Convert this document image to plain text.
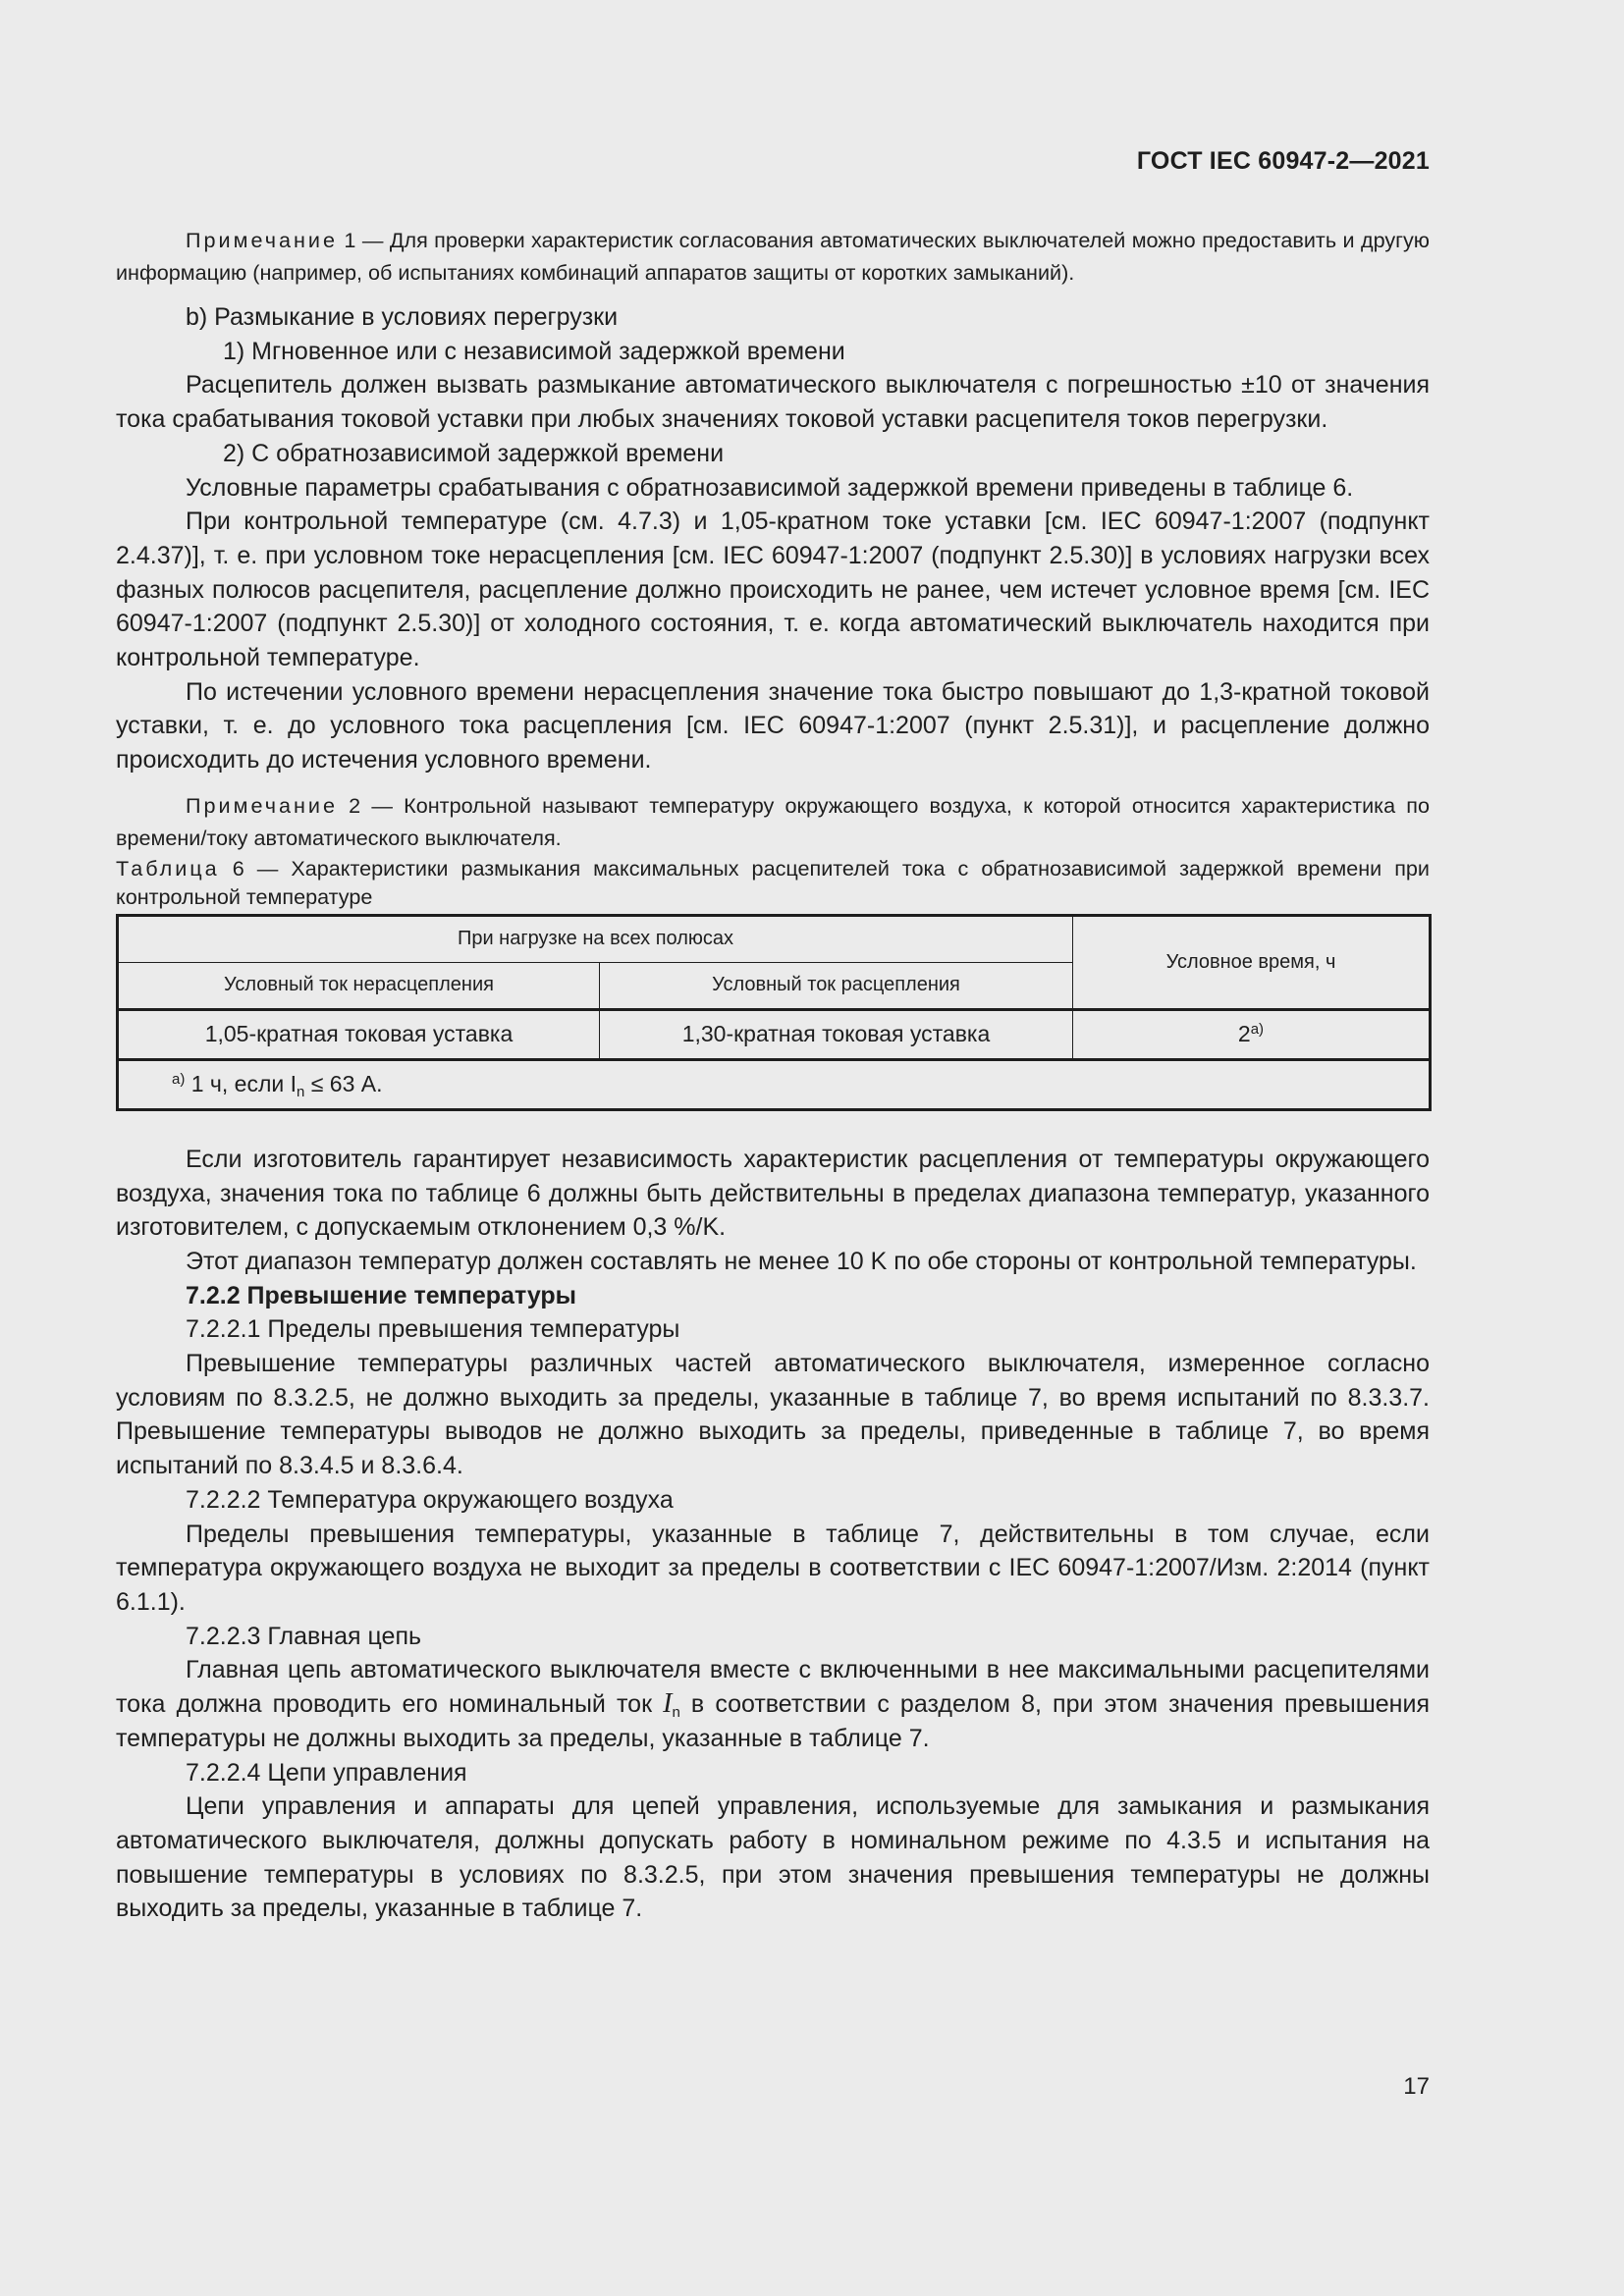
ГОСТ IEC 60947-2—2021

Примечание 1 — Для проверки характеристик согласования автоматических выключателей можно предоставить и другую информацию (например, об испытаниях комбинаций аппаратов защиты от коротких замыканий).

b) Размыкание в условиях перегрузки

1) Мгновенное или с независимой задержкой времени

Расцепитель должен вызвать размыкание автоматического выключателя с погрешностью ±10 от значения тока срабатывания токовой уставки при любых значениях токовой уставки расцепителя токов перегрузки.

2) С обратнозависимой задержкой времени

Условные параметры срабатывания с обратнозависимой задержкой времени приведены в таблице 6.

При контрольной температуре (см. 4.7.3) и 1,05-кратном токе уставки [см. IEC 60947-1:2007 (подпункт 2.4.37)], т. е. при условном токе нерасцепления [см. IEC 60947-1:2007 (подпункт 2.5.30)] в условиях нагрузки всех фазных полюсов расцепителя, расцепление должно происходить не ранее, чем истечет условное время [см. IEC 60947-1:2007 (подпункт 2.5.30)] от холодного состояния, т. е. когда автоматический выключатель находится при контрольной температуре.

По истечении условного времени нерасцепления значение тока быстро повышают до 1,3-кратной токовой уставки, т. е. до условного тока расцепления [см. IEC 60947-1:2007 (пункт 2.5.31)], и расцепление должно происходить до истечения условного времени.

Примечание 2 — Контрольной называют температуру окружающего воздуха, к которой относится характеристика по времени/току автоматического выключателя.

Таблица 6 — Характеристики размыкания максимальных расцепителей тока с обратнозависимой задержкой времени при контрольной температуре

При нагрузке на всех полюсах		Условное время, ч
Условный ток нерасцепления	Условный ток расцепления	
1,05-кратная токовая уставка	1,30-кратная токовая уставка	$2^{а)}$
$^{а)}$ 1 ч, если $I_n \le 63$ А.		

Если изготовитель гарантирует независимость характеристик расцепления от температуры окружающего воздуха, значения тока по таблице 6 должны быть действительны в пределах диапазона температур, указанного изготовителем, с допускаемым отклонением 0,3 %/K.

Этот диапазон температур должен составлять не менее 10 K по обе стороны от контрольной температуры.

7.2.2 Превышение температуры

7.2.2.1 Пределы превышения температуры

Превышение температуры различных частей автоматического выключателя, измеренное согласно условиям по 8.3.2.5, не должно выходить за пределы, указанные в таблице 7, во время испытаний по 8.3.3.7. Превышение температуры выводов не должно выходить за пределы, приведенные в таблице 7, во время испытаний по 8.3.4.5 и 8.3.6.4.

7.2.2.2 Температура окружающего воздуха

Пределы превышения температуры, указанные в таблице 7, действительны в том случае, если температура окружающего воздуха не выходит за пределы в соответствии с IEC 60947-1:2007/Изм. 2:2014 (пункт 6.1.1).

7.2.2.3 Главная цепь

Главная цепь автоматического выключателя вместе с включенными в нее максимальными расцепителями тока должна проводить его номинальный ток $I_n$ в соответствии с разделом 8, при этом значения превышения температуры не должны выходить за пределы, указанные в таблице 7.

7.2.2.4 Цепи управления

Цепи управления и аппараты для цепей управления, используемые для замыкания и размыкания автоматического выключателя, должны допускать работу в номинальном режиме по 4.3.5 и испытания на повышение температуры в условиях по 8.3.2.5, при этом значения превышения температуры не должны выходить за пределы, указанные в таблице 7.

17
